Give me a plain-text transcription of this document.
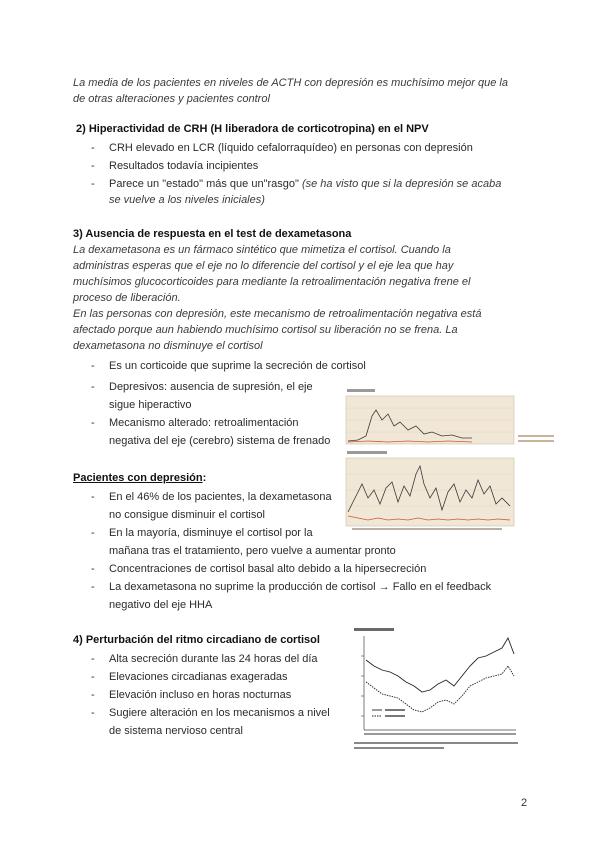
La media de los pacientes en niveles de ACTH con depresión es muchísimo mejor que la
de otras alteraciones y pacientes control
2) Hiperactividad de CRH (H liberadora de corticotropina) en el NPV
- CRH elevado en LCR (líquido cefalorraquídeo) en personas con depresión
- Resultados todavía incipientes
- Parece un "estado" más que un"rasgo" (se ha visto que si la depresión se acaba
se vuelve a los niveles iniciales)
3) Ausencia de respuesta en el test de dexametasona
La dexametasona es un fármaco sintético que mimetiza el cortisol. Cuando la
administras esperas que el eje no lo diferencie del cortisol y el eje lea que hay
muchísimos glucocorticoides para mediante la retroalimentación negativa frene el
proceso de liberación.
En las personas con depresión, este mecanismo de retroalimentación negativa está
afectado porque aun habiendo muchísimo cortisol su liberación no se frena. La
dexametasona no disminuye el cortisol
- Es un corticoide que suprime la secreción de cortisol
- Depresivos: ausencia de supresión, el eje
sigue hiperactivo
- Mecanismo alterado: retroalimentación
negativa del eje (cerebro) sistema de frenado
Pacientes con depresión:
- En el 46% de los pacientes, la dexametasona
no consigue disminuir el cortisol
- En la mayoría, disminuye el cortisol por la
mañana tras el tratamiento, pero vuelve a aumentar pronto
- Concentraciones de cortisol basal alto debido a la hipersecreción
- La dexametasona no suprime la producción de cortisol → Fallo en el feedback
negativo del eje HHA
4) Perturbación del ritmo circadiano de cortisol
- Alta secreción durante las 24 horas del día
- Elevaciones circadianas exageradas
- Elevación incluso en horas nocturnas
- Sugiere alteración en los mecanismos a nivel
de sistema nervioso central
2
